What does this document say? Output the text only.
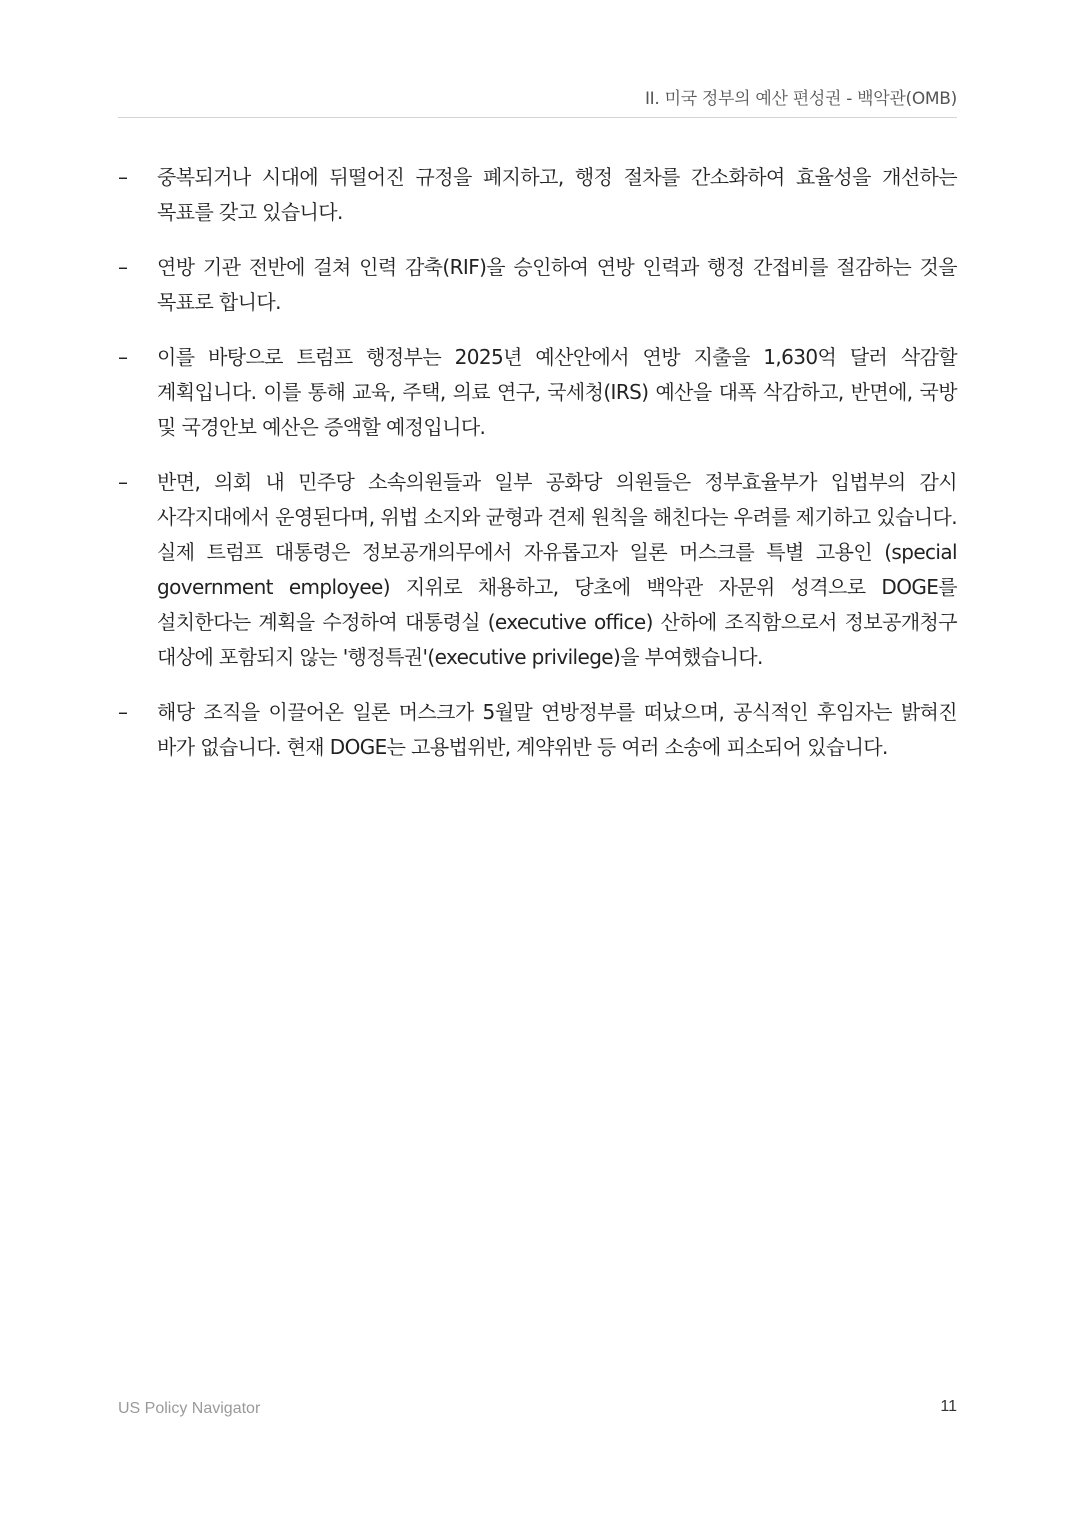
II. 미국 정부의 예산 편성권 - 백악관(OMB)
–	중복되거나 시대에 뒤떨어진 규정을 폐지하고, 행정 절차를 간소화하여 효율성을 개선하는 목표를 갖고 있습니다.
–	연방 기관 전반에 걸쳐 인력 감축(RIF)을 승인하여 연방 인력과 행정 간접비를 절감하는 것을 목표로 합니다.
–	이를 바탕으로 트럼프 행정부는 2025년 예산안에서 연방 지출을 1,630억 달러 삭감할 계획입니다. 이를 통해 교육, 주택, 의료 연구, 국세청(IRS) 예산을 대폭 삭감하고, 반면에, 국방 및 국경안보 예산은 증액할 예정입니다.
–	반면, 의회 내 민주당 소속의원들과 일부 공화당 의원들은 정부효율부가 입법부의 감시 사각지대에서 운영된다며, 위법 소지와 균형과 견제 원칙을 해친다는 우려를 제기하고 있습니다. 실제 트럼프 대통령은 정보공개의무에서 자유롭고자 일론 머스크를 특별 고용인 (special government employee) 지위로 채용하고, 당초에 백악관 자문위 성격으로 DOGE를 설치한다는 계획을 수정하여 대통령실 (executive office) 산하에 조직함으로서 정보공개청구 대상에 포함되지 않는 '행정특권'(executive privilege)을 부여했습니다.
–	해당 조직을 이끌어온 일론 머스크가 5월말 연방정부를 떠났으며, 공식적인 후임자는 밝혀진 바가 없습니다. 현재 DOGE는 고용법위반, 계약위반 등 여러 소송에 피소되어 있습니다.
US Policy Navigator	11
